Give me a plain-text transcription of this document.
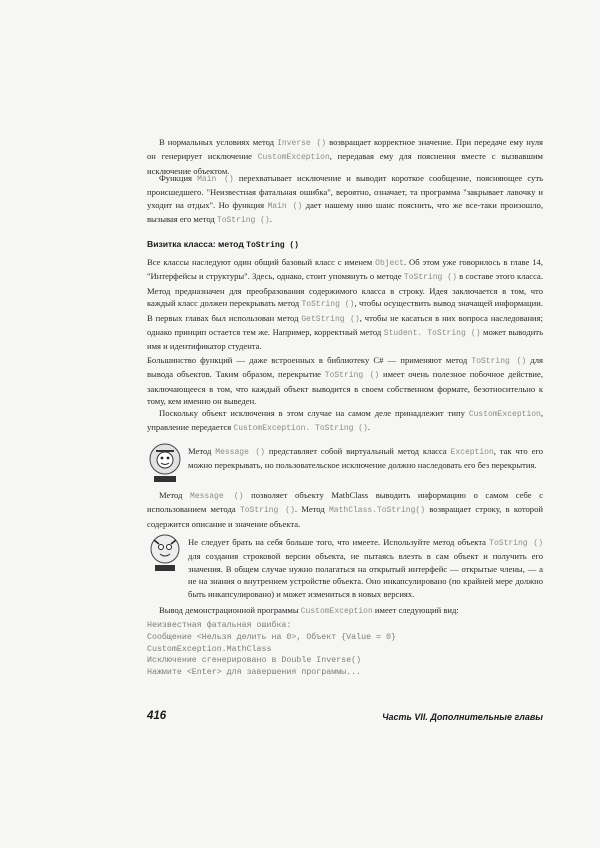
В нормальных условиях метод Inverse () возвращает корректное значение. При передаче ему нуля он генерирует исключение CustomException, передавая ему для пояснения вместе с вызвавшим исключение объектом.

Функция Main () перехватывает исключение и выводит короткое сообщение, поясняющее суть происшедшего. "Неизвестная фатальная ошибка", вероятно, означает, та программа "закрывает лавочку и уходит на отдых". Но функция Main () дает нашему нию шанс пояснить, что же все-таки произошло, вызывая его метод ToString ().

Визитка класса: метод ToString ()

Все классы наследуют один общий базовый класс с именем Object. Об этом уже говорилось в главе 14, "Интерфейсы и структуры". Здесь, однако, стоит упомянуть о методе ToString () в составе этого класса. Метод предназначен для преобразования содержимого класса в строку. Идея заключается в том, что каждый класс должен перекрывать метод ToString (), чтобы осуществить вывод значащей информации. В первых главах был использован метод GetString (), чтобы не касаться в них вопроса наследования; однако принцип остается тем же. Например, корректный метод Student. ToString () может выводить имя и идентификатор студента.

Большинство функций — даже встроенных в библиотеку C# — применяют метод ToString () для вывода объектов. Таким образом, перекрытие ToString () имеет очень полезное побочное действие, заключающееся в том, что каждый объект выводится в своем собственном формате, безотносительно к тому, кем именно он выведен.

Поскольку объект исключения в этом случае на самом деле принадлежит типу CustomException, управление передается CustomException. ToString ().

Метод Message () представляет собой виртуальный метод класса Exception, так что его можно перекрывать, но пользовательское исключение должно наследовать его без перекрытия.

Метод Message () позволяет объекту MathClass выводить информацию о самом себе с использованием метода ToString (). Метод MathClass.ToString() возвращает строку, в которой содержится описание и значение объекта.

Не следует брать на себя больше того, что имеете. Используйте метод объекта ToString () для создания строковой версии объекта, не пытаясь влезть в сам объект и получить его значения. В общем случае нужно полагаться на открытый интерфейс — открытые члены, — а не на знания о внутреннем устройстве объекта. Оно инкапсулировано (по крайней мере должно быть инкапсулировано) и может измениться в новых версиях.

Вывод демонстрационной программы CustomException имеет следующий вид:

Неизвестная фатальная ошибка:
Сообщение <Нельзя делить на 0>, Объект {Value = 0}
CustomException.MathClass
Исключение сгенерировано в Double Inverse()
Нажмите <Enter> для завершения программы...
416	Часть VII. Дополнительные главы
